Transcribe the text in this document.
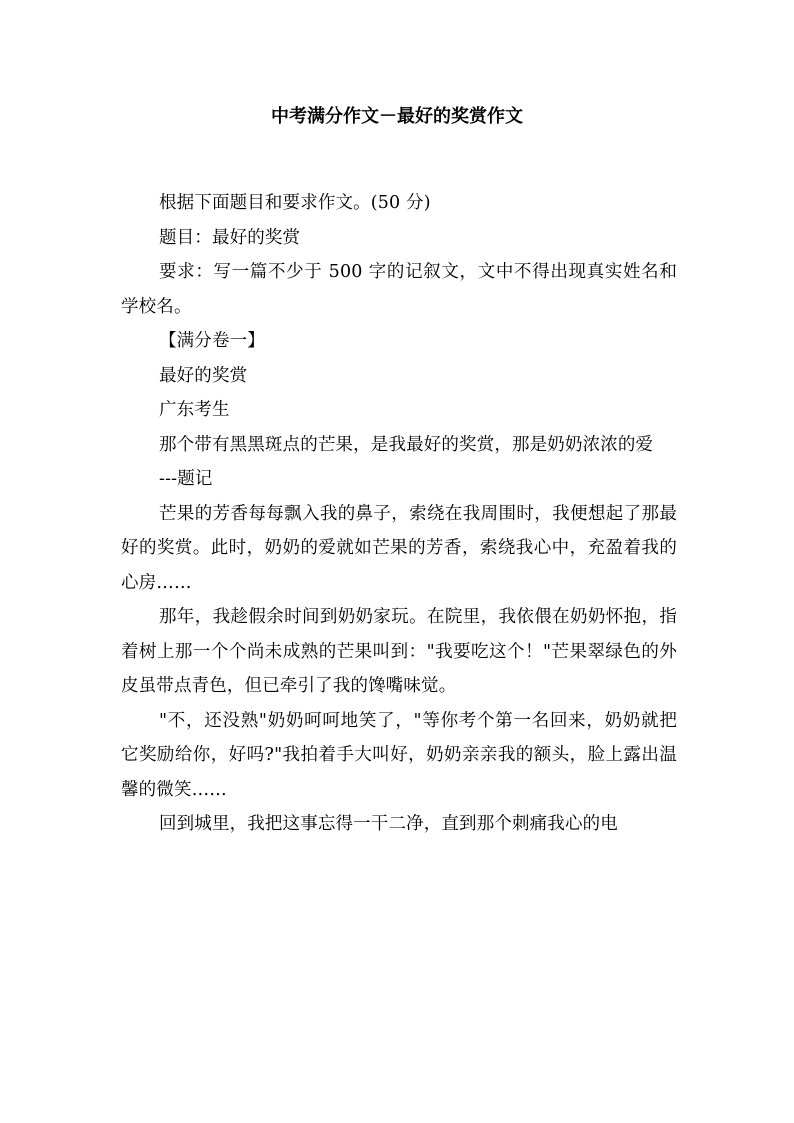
中考满分作文－最好的奖赏作文

根据下面题目和要求作文。(50 分)

题目：最好的奖赏

要求：写一篇不少于 500 字的记叙文，文中不得出现真实姓名和学校名。

【满分卷一】

最好的奖赏

广东考生

那个带有黑黑斑点的芒果，是我最好的奖赏，那是奶奶浓浓的爱

---题记

芒果的芳香每每飘入我的鼻子，索绕在我周围时，我便想起了那最好的奖赏。此时，奶奶的爱就如芒果的芳香，索绕我心中，充盈着我的心房……

那年，我趁假余时间到奶奶家玩。在院里，我依偎在奶奶怀抱，指着树上那一个个尚未成熟的芒果叫到："我要吃这个！"芒果翠绿色的外皮虽带点青色，但已牵引了我的馋嘴味觉。

"不，还没熟"奶奶呵呵地笑了，"等你考个第一名回来，奶奶就把它奖励给你，好吗?"我拍着手大叫好，奶奶亲亲我的额头，脸上露出温馨的微笑……

回到城里，我把这事忘得一干二净，直到那个刺痛我心的电
